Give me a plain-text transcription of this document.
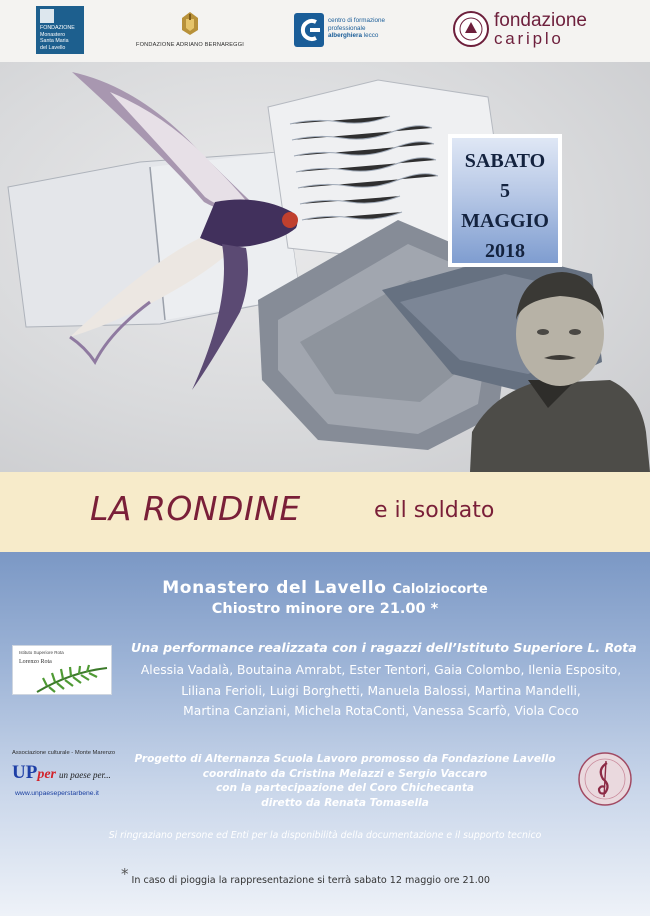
FONDAZIONE
Monastero
Santa Maria
del Lavello	FONDAZIONE ADRIANO BERNAREGGI
centro di formazione
professionale
alberghiera lecco
fondazione
cariplo
SABATO
5
MAGGIO
2018
LA RONDINE	e il soldato
Monastero del Lavello Calolziocorte
Chiostro minore ore 21.00 *
Istituto Superiore Rota
Lorenzo Rota
Una performance realizzata con i ragazzi dell’Istituto Superiore L. Rota
Alessia Vadalà, Boutaina Amrabt, Ester Tentori, Gaia Colombo, Ilenia Esposito,
Liliana Ferioli, Luigi Borghetti, Manuela Balossi, Martina Mandelli,
Martina Canziani, Michela RotaConti, Vanessa Scarfò, Viola Coco
Associazione culturale - Monte Marenzo
UPper un paese per...
www.unpaeseperstarbene.it
Progetto di Alternanza Scuola Lavoro promosso da Fondazione Lavello
coordinato da Cristina Melazzi e Sergio Vaccaro
con la partecipazione del Coro Chichecanta
diretto da Renata Tomasella
Si ringraziano persone ed Enti per la disponibilità della documentazione e il supporto tecnico
* In caso di pioggia la rappresentazione si terrà sabato 12 maggio ore 21.00
